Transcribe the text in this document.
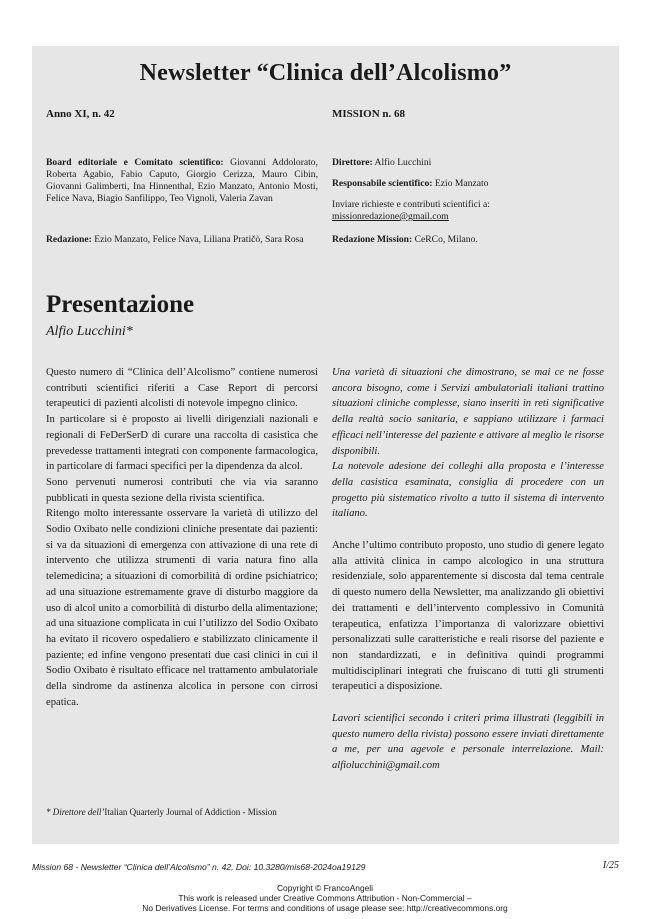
Newsletter “Clinica dell’Alcolismo”
Anno XI, n. 42	MISSION n. 68
Board editoriale e Comitato scientifico: Giovanni Addolorato, Roberta Agabio, Fabio Caputo, Giorgio Cerizza, Mauro Cibin, Giovanni Galimberti, Ina Hinnenthal, Ezio Manzato, Antonio Mosti, Felice Nava, Biagio Sanfilippo, Teo Vignoli, Valeria Zavan
Redazione: Ezio Manzato, Felice Nava, Liliana Pratičò, Sara Rosa
Direttore: Alfio Lucchini
Responsabile scientifico: Ezio Manzato
Inviare richieste e contributi scientifici a:
missionredazione@gmail.com
Redazione Mission: CeRCo, Milano.
Presentazione
Alfio Lucchini*

Questo numero di “Clinica dell’Alcolismo” contiene numerosi contributi scientifici riferiti a Case Report di percorsi terapeutici di pazienti alcolisti di notevole impegno clinico.

In particolare si è proposto ai livelli dirigenziali nazionali e regionali di FeDerSerD di curare una raccolta di casistica che prevedesse trattamenti integrati con componente farmacologica, in particolare di farmaci specifici per la dipendenza da alcol.

Sono pervenuti numerosi contributi che via via saranno pubblicati in questa sezione della rivista scientifica.

Ritengo molto interessante osservare la varietà di utilizzo del Sodio Oxibato nelle condizioni cliniche presentate dai pazienti: si va da situazioni di emergenza con attivazione di una rete di intervento che utilizza strumenti di varia natura fino alla telemedicina; a situazioni di comorbilità di ordine psichiatrico; ad una situazione estremamente grave di disturbo maggiore da uso di alcol unito a comorbilità di disturbo della alimentazione; ad una situazione complicata in cui l’utilizzo del Sodio Oxibato ha evitato il ricovero ospedaliero e stabilizzato clinicamente il paziente; ed infine vengono presentati due casi clinici in cui il Sodio Oxibato è risultato efficace nel trattamento ambulatoriale della sindrome da astinenza alcolica in persone con cirrosi epatica.

* Direttore dell’Italian Quarterly Journal of Addiction - Mission

Una varietà di situazioni che dimostrano, se mai ce ne fosse ancora bisogno, come i Servizi ambulatoriali italiani trattino situazioni cliniche complesse, siano inseriti in reti significative della realtà socio sanitaria, e sappiano utilizzare i farmaci efficaci nell’interesse del paziente e attivare al meglio le risorse disponibili.

La notevole adesione dei colleghi alla proposta e l’interesse della casistica esaminata, consiglia di procedere con un progetto più sistematico rivolto a tutto il sistema di intervento italiano.

Anche l’ultimo contributo proposto, uno studio di genere legato alla attività clinica in campo alcologico in una struttura residenziale, solo apparentemente si discosta dal tema centrale di questo numero della Newsletter, ma analizzando gli obiettivi dei trattamenti e dell’intervento complessivo in Comunità terapeutica, enfatizza l’importanza di valorizzare obiettivi personalizzati sulle caratteristiche e reali risorse del paziente e non standardizzati, e in definitiva quindi programmi multidisciplinari integrati che fruiscano di tutti gli strumenti terapeutici a disposizione.

Lavori scientifici secondo i criteri prima illustrati (leggibili in questo numero della rivista) possono essere inviati direttamente a me, per una agevole e personale interrelazione. Mail: alfiolucchini@gmail.com

Mission 68 - Newsletter “Clinica dell’Alcolismo” n. 42, Doi: 10.3280/mis68-2024oa19129	I/25
Copyright © FrancoAngeli
This work is released under Creative Commons Attribution - Non-Commercial –
No Derivatives License. For terms and conditions of usage please see: http://creativecommons.org
